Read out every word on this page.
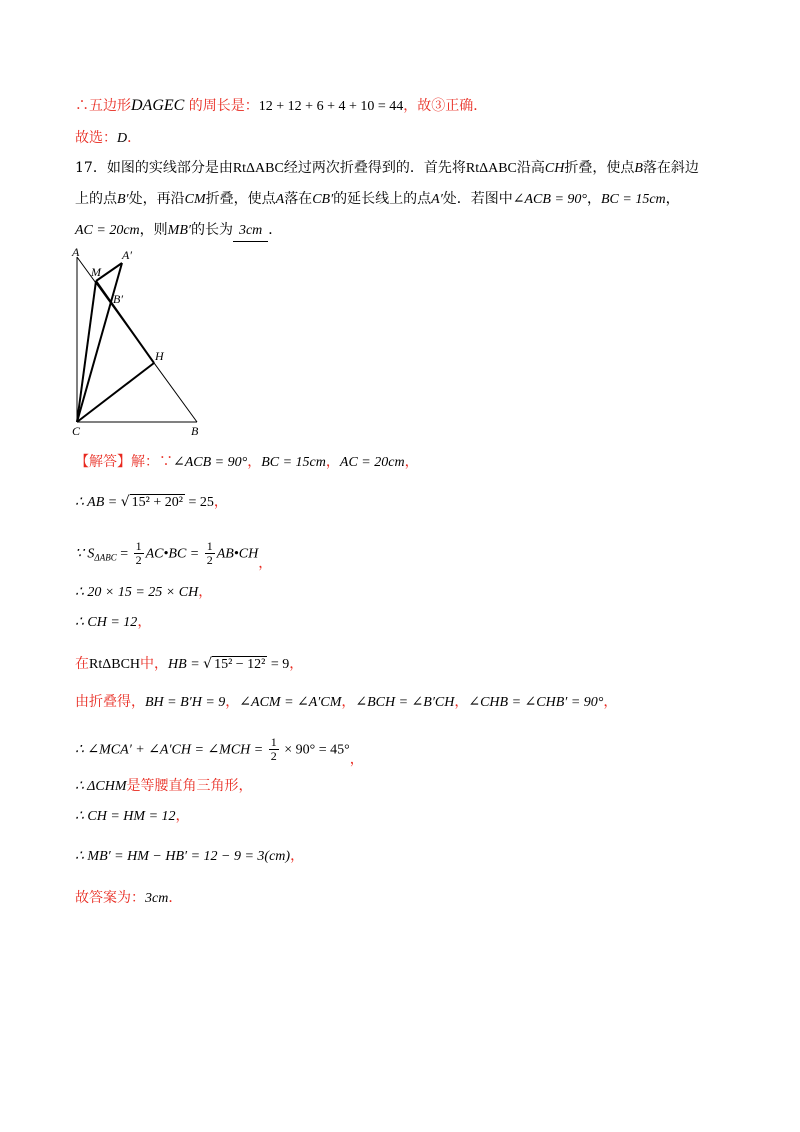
∴五边形DAGEC 的周长是：12 + 12 + 6 + 4 + 10 = 44，故③正确．
故选：D．
17．如图的实线部分是由RtΔABC经过两次折叠得到的．首先将RtΔABC沿高CH折叠，使点B落在斜边
上的点B′处，再沿CM折叠，使点A落在CB′的延长线上的点A′处．若图中∠ACB = 90°，BC = 15cm，
AC = 20cm，则MB′的长为 3cm ．
A	A′
M
B′
H
C	B
【解答】解：∵∠ACB = 90°，BC = 15cm，AC = 20cm，
∴ AB = √ 15² + 20² = 25，
∵ $S_{\Delta ABC} = \frac{1}{2}$ AC•BC = $\frac{1}{2}$ AB•CH，
∴ 20 × 15 = 25 × CH，
∴ CH = 12，
在RtΔBCH中，HB = √ 15² − 12² = 9，
由折叠得，BH = B′H = 9，∠ACM = ∠A′CM，∠BCH = ∠B′CH，∠CHB = ∠CHB′ = 90°，
∴ ∠MCA′ + ∠A′CH = ∠MCH = $\frac{1}{2} \times 90^\circ = 45^\circ$，
∴ ΔCHM是等腰直角三角形，
∴ CH = HM = 12，
∴ MB′ = HM − HB′ = 12 − 9 = 3(cm)，
故答案为：3cm．
